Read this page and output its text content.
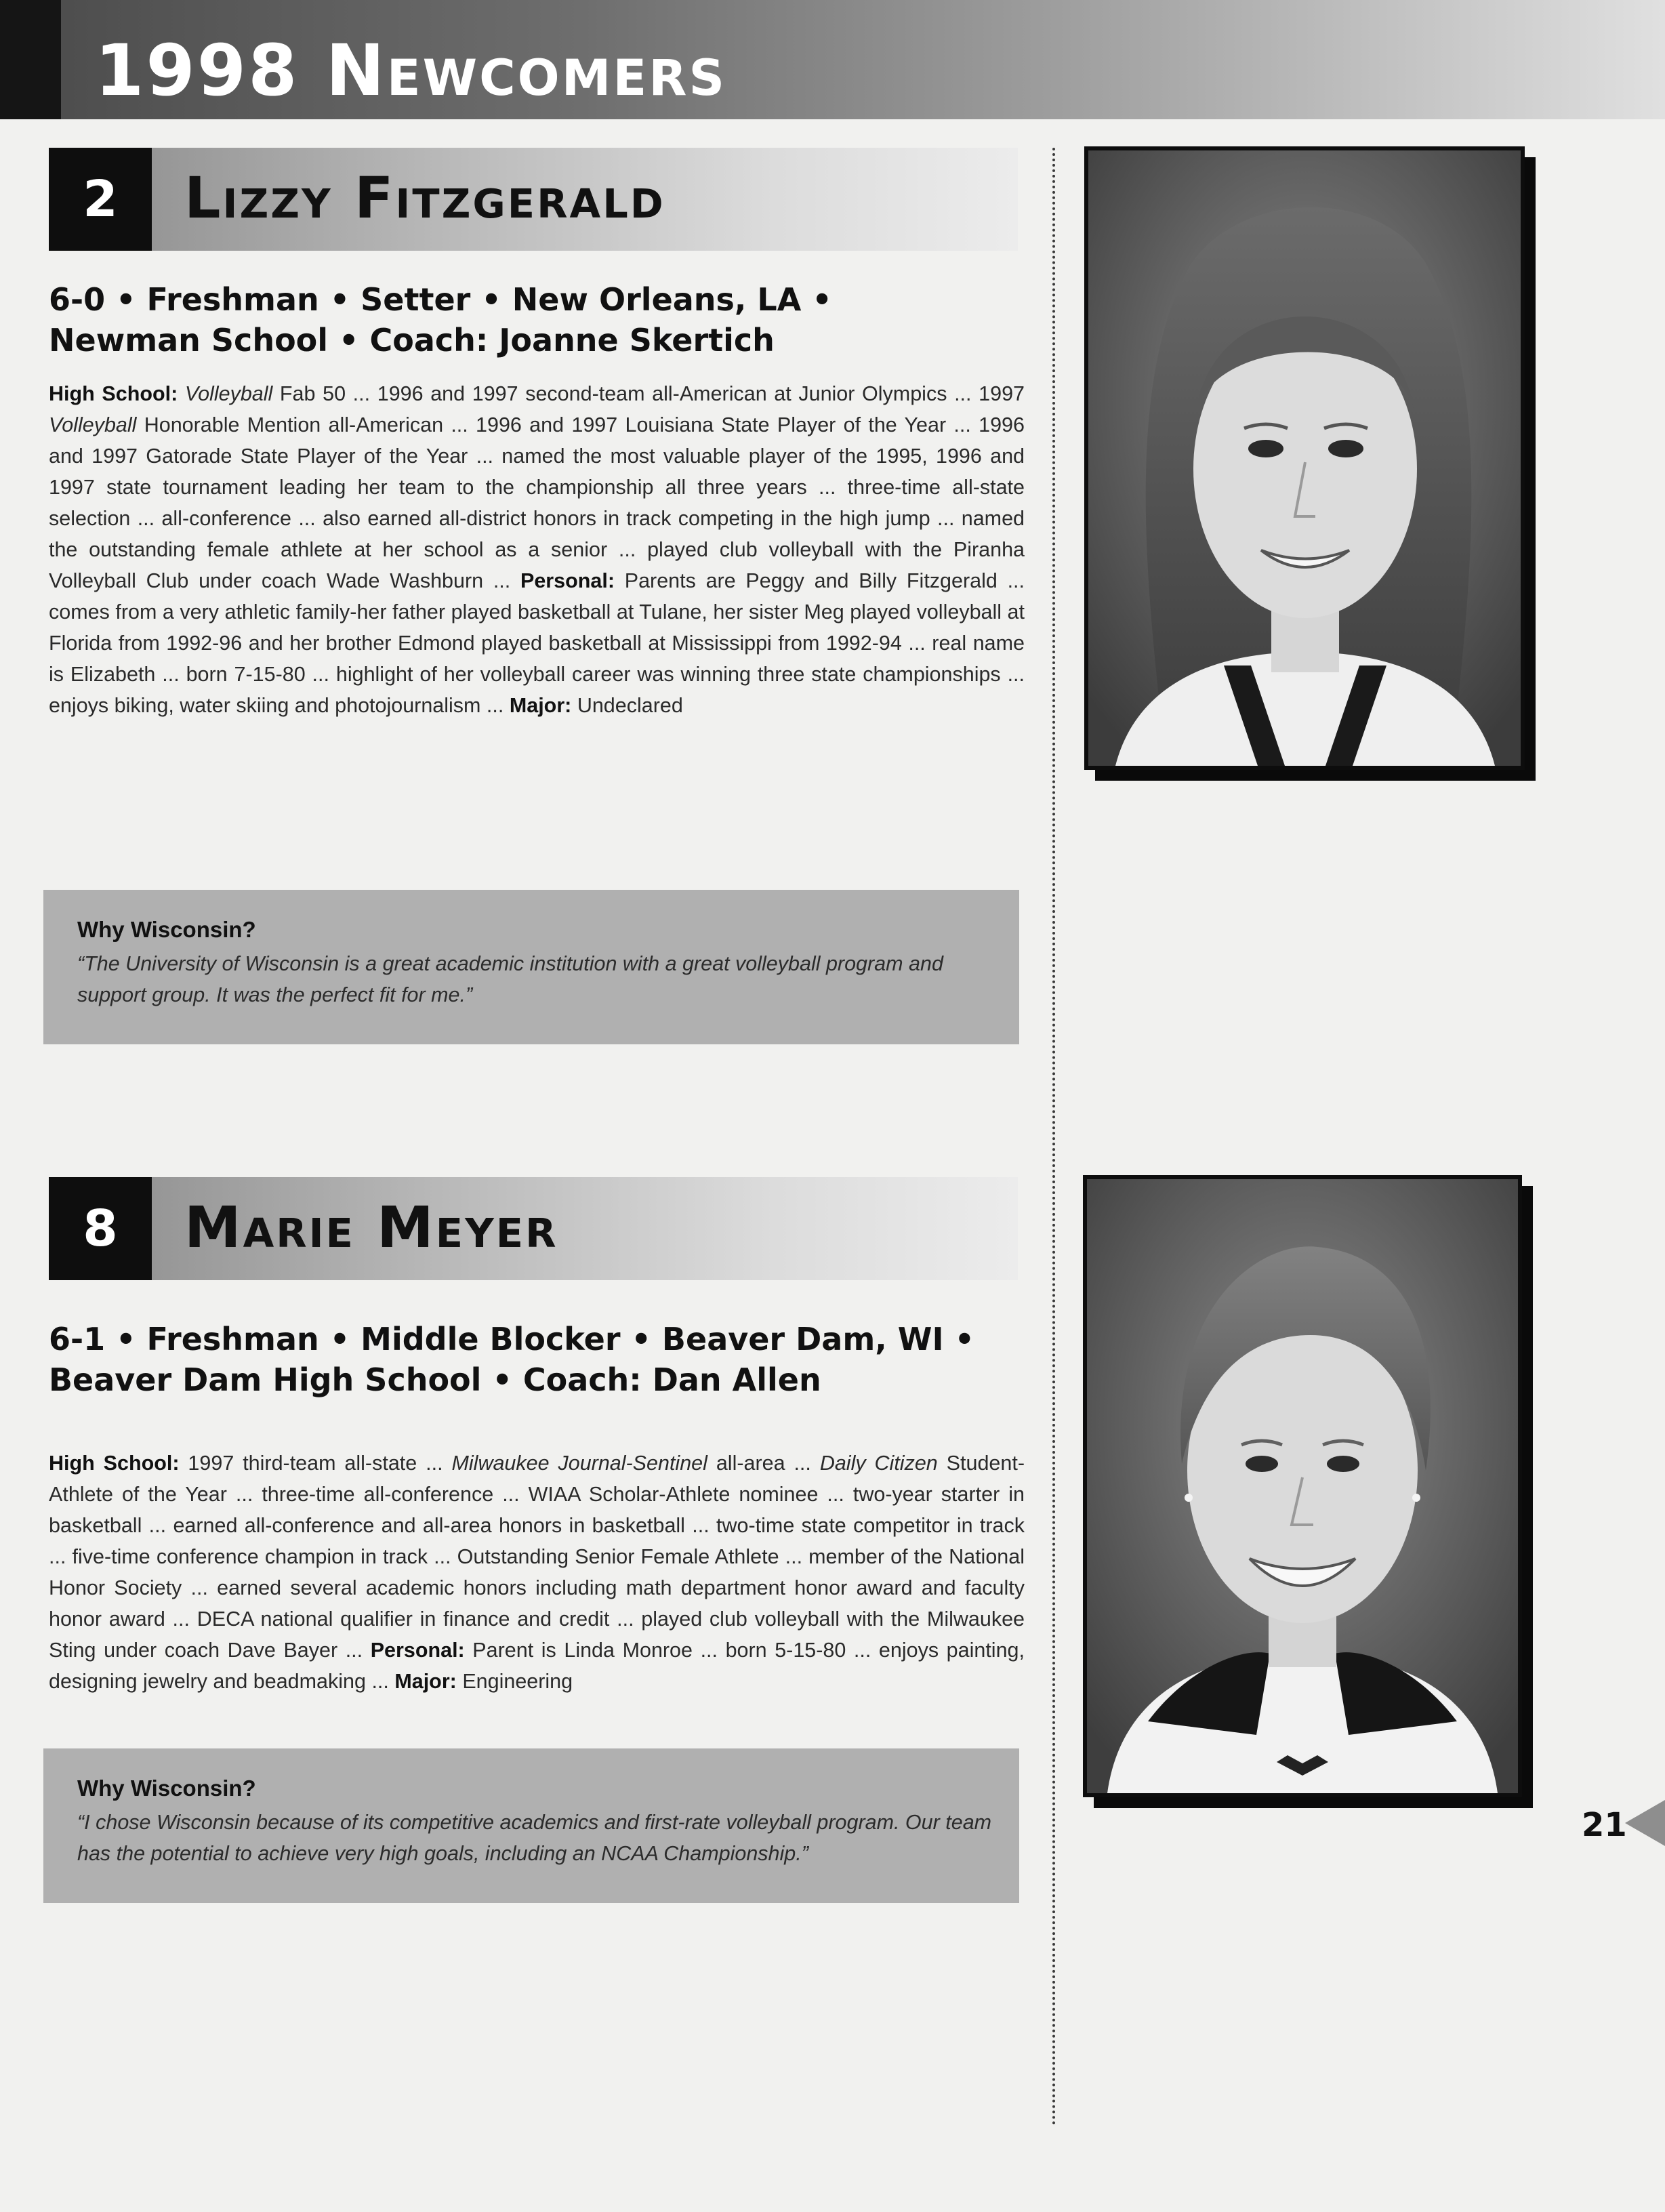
1998 Newcomers
2	Lizzy Fitzgerald
6-0 • Freshman • Setter • New Orleans, LA •
Newman School • Coach: Joanne Skertich

High School: Volleyball Fab 50 ... 1996 and 1997 second-team all-American at Junior Olympics ... 1997 Volleyball Honorable Mention all-American ... 1996 and 1997 Louisiana State Player of the Year ... 1996 and 1997 Gatorade State Player of the Year ... named the most valuable player of the 1995, 1996 and 1997 state tournament leading her team to the championship all three years ... three-time all-state selection ... all-conference ... also earned all-district honors in track competing in the high jump ... named the outstanding female athlete at her school as a senior ... played club volleyball with the Piranha Volleyball Club under coach Wade Washburn ... Personal: Parents are Peggy and Billy Fitzgerald ... comes from a very athletic family-her father played basketball at Tulane, her sister Meg played volleyball at Florida from 1992-96 and her brother Edmond played basketball at Mississippi from 1992-94 ... real name is Elizabeth ... born 7-15-80 ... highlight of her volleyball career was winning three state championships ... enjoys biking, water skiing and photojournalism ... Major: Undeclared

Why Wisconsin?

“The University of Wisconsin is a great academic institution with a great volleyball program and support group. It was the perfect fit for me.”

8	Marie Meyer
6-1 • Freshman • Middle Blocker • Beaver Dam, WI •
Beaver Dam High School • Coach: Dan Allen

High School: 1997 third-team all-state ... Milwaukee Journal-Sentinel all-area ... Daily Citizen Student-Athlete of the Year ... three-time all-conference ... WIAA Scholar-Athlete nominee ... two-year starter in basketball ... earned all-conference and all-area honors in basketball ... two-time state competitor in track ... five-time conference champion in track ... Outstanding Senior Female Athlete ... member of the National Honor Society ... earned several academic honors including math department honor award and faculty honor award ... DECA national qualifier in finance and credit ... played club volleyball with the Milwaukee Sting under coach Dave Bayer ... Personal: Parent is Linda Monroe ... born 5-15-80 ... enjoys painting, designing jewelry and beadmaking ... Major: Engineering

Why Wisconsin?

“I chose Wisconsin because of its competitive academics and first-rate volleyball program. Our team has the potential to achieve very high goals, including an NCAA Championship.”

21
